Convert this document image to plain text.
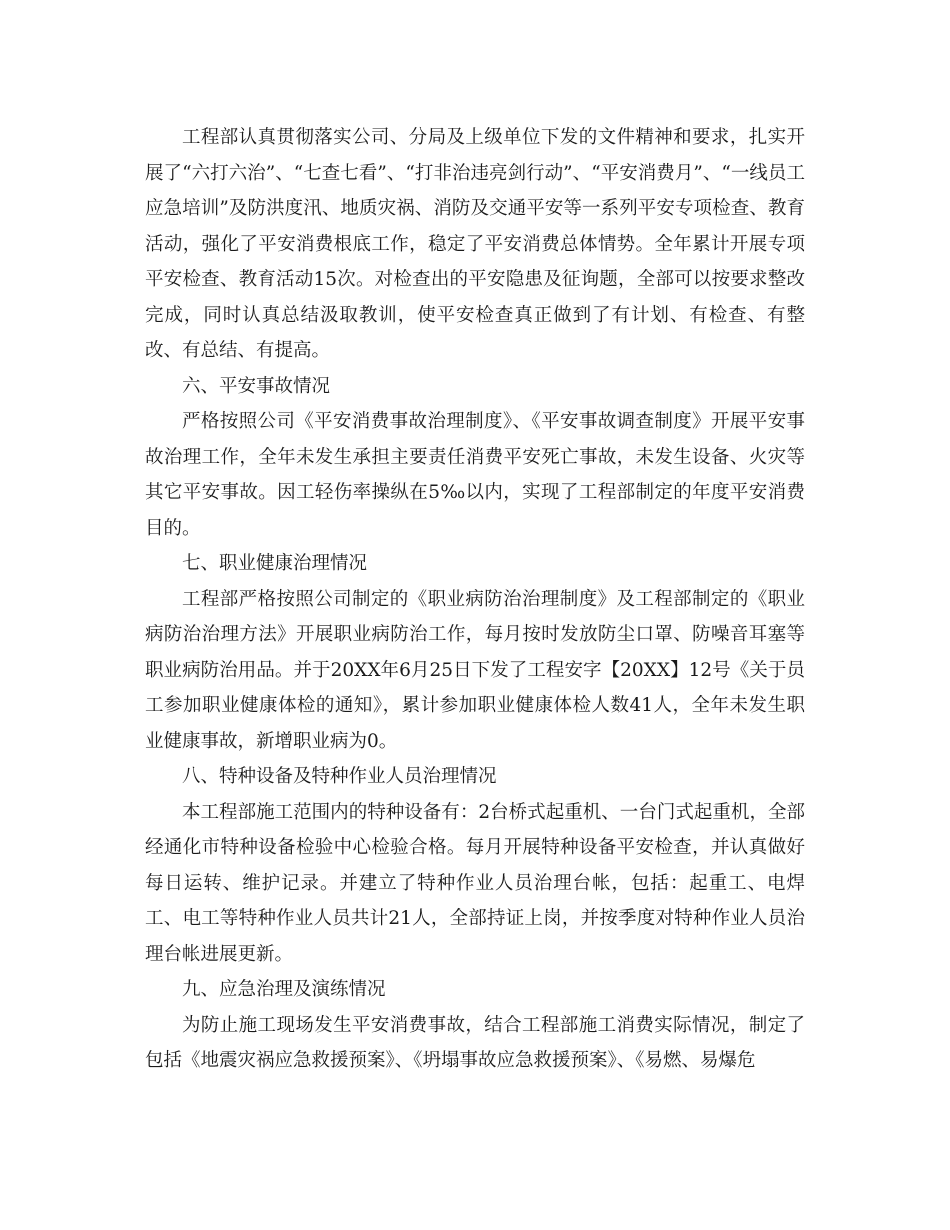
工程部认真贯彻落实公司、分局及上级单位下发的文件精神和要求，扎实开展了“六打六治”、“七查七看”、“打非治违亮剑行动”、“平安消费月”、“一线员工应急培训”及防洪度汛、地质灾祸、消防及交通平安等一系列平安专项检查、教育活动，强化了平安消费根底工作，稳定了平安消费总体情势。全年累计开展专项平安检查、教育活动15次。对检查出的平安隐患及征询题，全部可以按要求整改完成，同时认真总结汲取教训，使平安检查真正做到了有计划、有检查、有整改、有总结、有提高。

六、平安事故情况

严格按照公司《平安消费事故治理制度》、《平安事故调查制度》开展平安事故治理工作，全年未发生承担主要责任消费平安死亡事故，未发生设备、火灾等其它平安事故。因工轻伤率操纵在5‰以内，实现了工程部制定的年度平安消费目的。

七、职业健康治理情况

工程部严格按照公司制定的《职业病防治治理制度》及工程部制定的《职业病防治治理方法》开展职业病防治工作，每月按时发放防尘口罩、防噪音耳塞等职业病防治用品。并于20XX年6月25日下发了工程安字【20XX】12号《关于员工参加职业健康体检的通知》，累计参加职业健康体检人数41人，全年未发生职业健康事故，新增职业病为0。

八、特种设备及特种作业人员治理情况

本工程部施工范围内的特种设备有：2台桥式起重机、一台门式起重机，全部经通化市特种设备检验中心检验合格。每月开展特种设备平安检查，并认真做好每日运转、维护记录。并建立了特种作业人员治理台帐，包括：起重工、电焊工、电工等特种作业人员共计21人，全部持证上岗，并按季度对特种作业人员治理台帐进展更新。

九、应急治理及演练情况

为防止施工现场发生平安消费事故，结合工程部施工消费实际情况，制定了包括《地震灾祸应急救援预案》、《坍塌事故应急救援预案》、《易燃、易爆危
